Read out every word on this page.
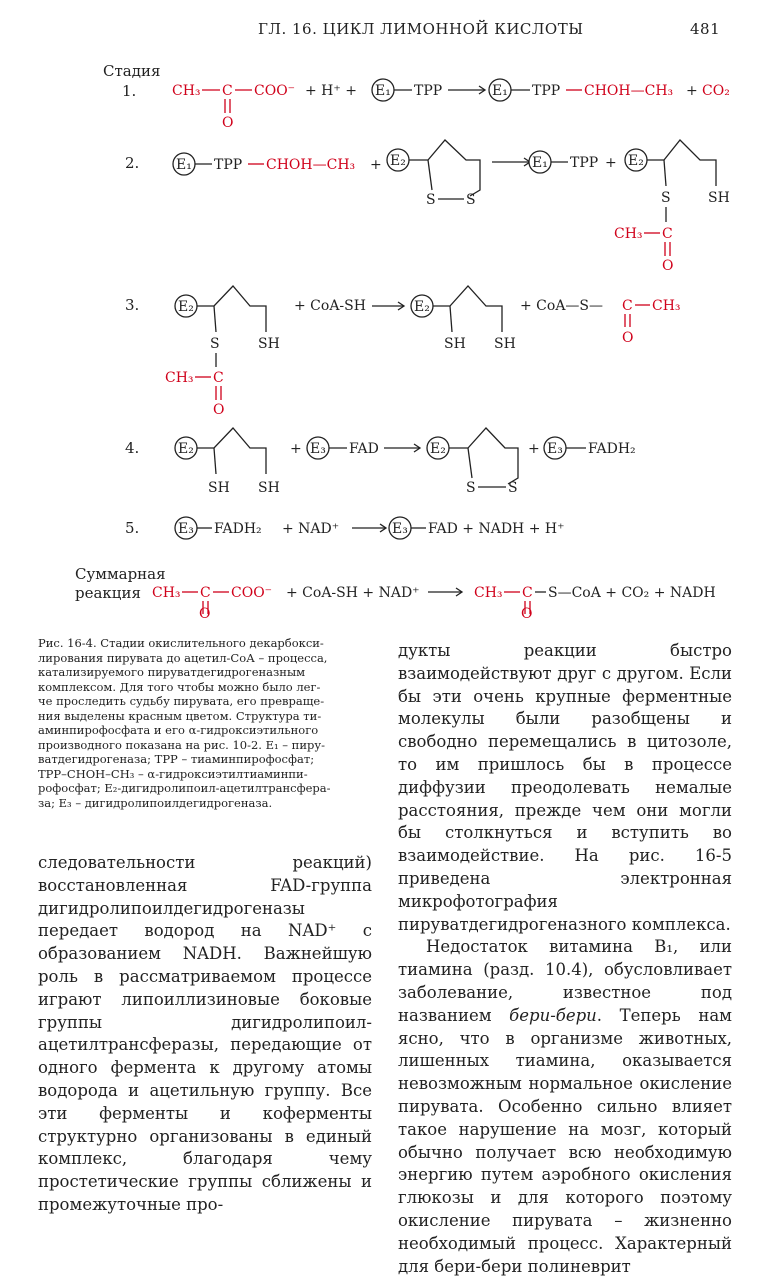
ГЛ. 16. ЦИКЛ ЛИМОННОЙ КИСЛОТЫ	481
Стадия
1.	CH₃ C COO⁻
O
+ H⁺ + E₁ TPP	E₁ TPP CHOH—CH₃ + CO₂
2.	E₁ TPP CHOH—CH₃ + E₂
S S
E₁ TPP + E₂
S	SH
CH₃ C
O
3.	E₂
S	SH
CH₃ C
O
+ CoA-SH	E₂
SH SH
+ CoA—S— C CH₃
O
4.	E₂
SH SH
+ E₃ FAD	E₂
S S
+ E₃ FADH₂
5.	E₃ FADH₂ + NAD⁺	E₃ FAD + NADH + H⁺
Суммарная
реакция CH₃ C COO⁻ + CoA-SH + NAD⁺	CH₃ C S—CoA + CO₂ + NADH
O	O
Рис. 16-4. Стадии окислительного декарбокси-
лирования пирувата до ацетил-СоА – процесса,
катализируемого пируватдегидрогеназным
комплексом. Для того чтобы можно было лег-
че проследить судьбу пирувата, его превраще-
ния выделены красным цветом. Структура ти-
аминпирофосфата и его α-гидроксиэтильного
производного показана на рис. 10-2. E₁ – пиру-
ватдегидрогеназа; ТРР – тиаминпирофосфат;
TPP–CHOH–CH₃ – α-гидроксиэтилтиаминпи-
рофосфат; E₂-дигидролипоил-ацетилтрансфера-
за; E₃ – дигидролипоилдегидрогеназа.
следовательности реакций) восстановленная FAD-группа дигидролипоилдегидрогеназы передает водород на NAD⁺ с образованием NADH. Важнейшую роль в рассматриваемом процессе играют липоиллизиновые боковые группы дигидролипоил-ацетилтрансферазы, передающие от одного фермента к другому атомы водорода и ацетильную группу. Все эти ферменты и коферменты структурно организованы в единый комплекс, благодаря чему простетические группы сближены и промежуточные про-
дукты реакции быстро взаимодействуют друг с другом. Если бы эти очень крупные ферментные молекулы были разобщены и свободно перемещались в цитозоле, то им пришлось бы в процессе диффузии преодолевать немалые расстояния, прежде чем они могли бы столкнуться и вступить во взаимодействие. На рис. 16-5 приведена электронная микрофотография пируватдегидрогеназного комплекса.
Недостаток витамина B₁, или тиамина (разд. 10.4), обусловливает заболевание, известное под названием бери-бери. Теперь нам ясно, что в организме животных, лишенных тиамина, оказывается невозможным нормальное окисление пирувата. Особенно сильно влияет такое нарушение на мозг, который обычно получает всю необходимую энергию путем аэробного окисления глюкозы и для которого поэтому окисление пирувата – жизненно необходимый процесс. Характерный для бери-бери полиневрит
